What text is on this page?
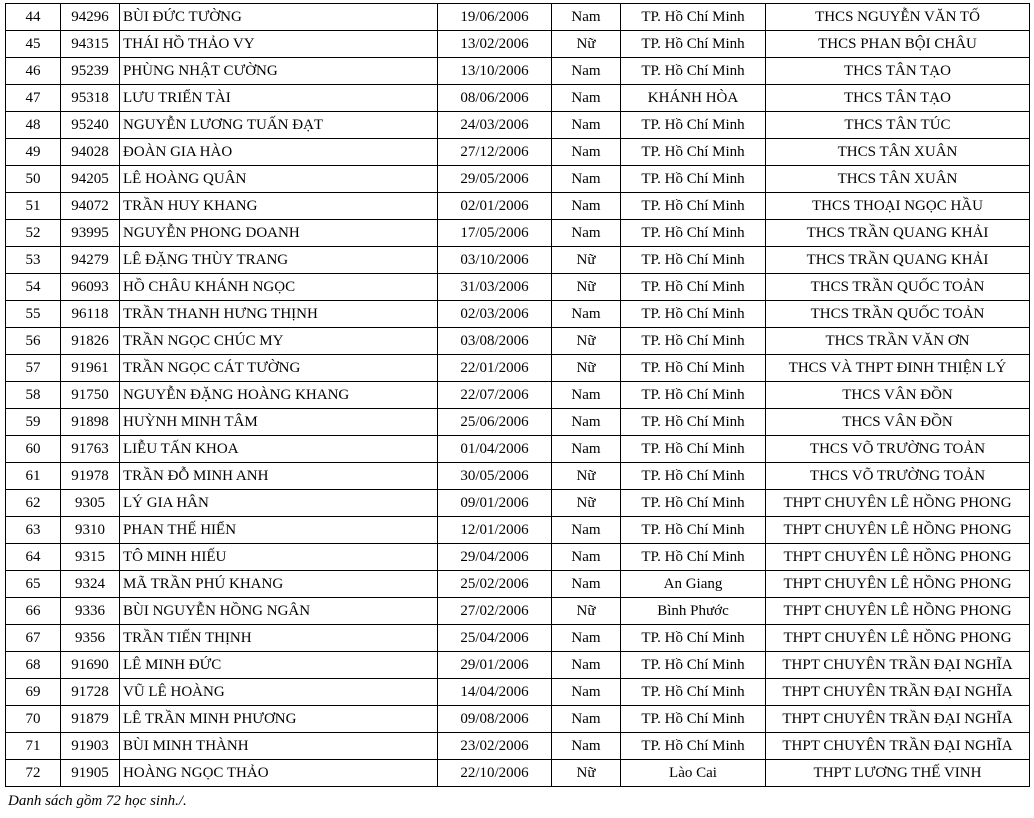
44	94296	BÙI ĐỨC TƯỜNG	19/06/2006	Nam	TP. Hồ Chí Minh	THCS NGUYỄN VĂN TỐ
45	94315	THÁI HỒ THẢO VY	13/02/2006	Nữ	TP. Hồ Chí Minh	THCS PHAN BỘI CHÂU
46	95239	PHÙNG NHẬT CƯỜNG	13/10/2006	Nam	TP. Hồ Chí Minh	THCS TÂN TẠO
47	95318	LƯU TRIỂN TÀI	08/06/2006	Nam	KHÁNH HÒA	THCS TÂN TẠO
48	95240	NGUYỄN LƯƠNG TUẤN ĐẠT	24/03/2006	Nam	TP. Hồ Chí Minh	THCS TÂN TÚC
49	94028	ĐOÀN GIA HÀO	27/12/2006	Nam	TP. Hồ Chí Minh	THCS TÂN XUÂN
50	94205	LÊ HOÀNG QUÂN	29/05/2006	Nam	TP. Hồ Chí Minh	THCS TÂN XUÂN
51	94072	TRẦN HUY KHANG	02/01/2006	Nam	TP. Hồ Chí Minh	THCS THOẠI NGỌC HẦU
52	93995	NGUYỄN PHONG DOANH	17/05/2006	Nam	TP. Hồ Chí Minh	THCS TRẦN QUANG KHẢI
53	94279	LÊ ĐẶNG THÙY TRANG	03/10/2006	Nữ	TP. Hồ Chí Minh	THCS TRẦN QUANG KHẢI
54	96093	HỒ CHÂU KHÁNH NGỌC	31/03/2006	Nữ	TP. Hồ Chí Minh	THCS TRẦN QUỐC TOẢN
55	96118	TRẦN THANH HƯNG THỊNH	02/03/2006	Nam	TP. Hồ Chí Minh	THCS TRẦN QUỐC TOẢN
56	91826	TRẦN NGỌC CHÚC MY	03/08/2006	Nữ	TP. Hồ Chí Minh	THCS TRẦN VĂN ƠN
57	91961	TRẦN NGỌC CÁT TƯỜNG	22/01/2006	Nữ	TP. Hồ Chí Minh	THCS VÀ THPT ĐINH THIỆN LÝ
58	91750	NGUYỄN ĐẶNG HOÀNG KHANG	22/07/2006	Nam	TP. Hồ Chí Minh	THCS VÂN ĐỒN
59	91898	HUỲNH MINH TÂM	25/06/2006	Nam	TP. Hồ Chí Minh	THCS VÂN ĐỒN
60	91763	LIỄU TẤN KHOA	01/04/2006	Nam	TP. Hồ Chí Minh	THCS VÕ TRƯỜNG TOẢN
61	91978	TRẦN ĐỖ MINH ANH	30/05/2006	Nữ	TP. Hồ Chí Minh	THCS VÕ TRƯỜNG TOẢN
62	9305	LÝ GIA HÂN	09/01/2006	Nữ	TP. Hồ Chí Minh	THPT CHUYÊN LÊ HỒNG PHONG
63	9310	PHAN THẾ HIỂN	12/01/2006	Nam	TP. Hồ Chí Minh	THPT CHUYÊN LÊ HỒNG PHONG
64	9315	TÔ MINH HIẾU	29/04/2006	Nam	TP. Hồ Chí Minh	THPT CHUYÊN LÊ HỒNG PHONG
65	9324	MÃ TRẦN PHÚ KHANG	25/02/2006	Nam	An Giang	THPT CHUYÊN LÊ HỒNG PHONG
66	9336	BÙI NGUYỄN HỒNG NGÂN	27/02/2006	Nữ	Bình Phước	THPT CHUYÊN LÊ HỒNG PHONG
67	9356	TRẦN TIẾN THỊNH	25/04/2006	Nam	TP. Hồ Chí Minh	THPT CHUYÊN LÊ HỒNG PHONG
68	91690	LÊ MINH ĐỨC	29/01/2006	Nam	TP. Hồ Chí Minh	THPT CHUYÊN TRẦN ĐẠI NGHĨA
69	91728	VŨ LÊ HOÀNG	14/04/2006	Nam	TP. Hồ Chí Minh	THPT CHUYÊN TRẦN ĐẠI NGHĨA
70	91879	LÊ TRẦN MINH PHƯƠNG	09/08/2006	Nam	TP. Hồ Chí Minh	THPT CHUYÊN TRẦN ĐẠI NGHĨA
71	91903	BÙI MINH THÀNH	23/02/2006	Nam	TP. Hồ Chí Minh	THPT CHUYÊN TRẦN ĐẠI NGHĨA
72	91905	HOÀNG NGỌC THẢO	22/10/2006	Nữ	Lào Cai	THPT LƯƠNG THẾ VINH
Danh sách gồm 72 học sinh./.
